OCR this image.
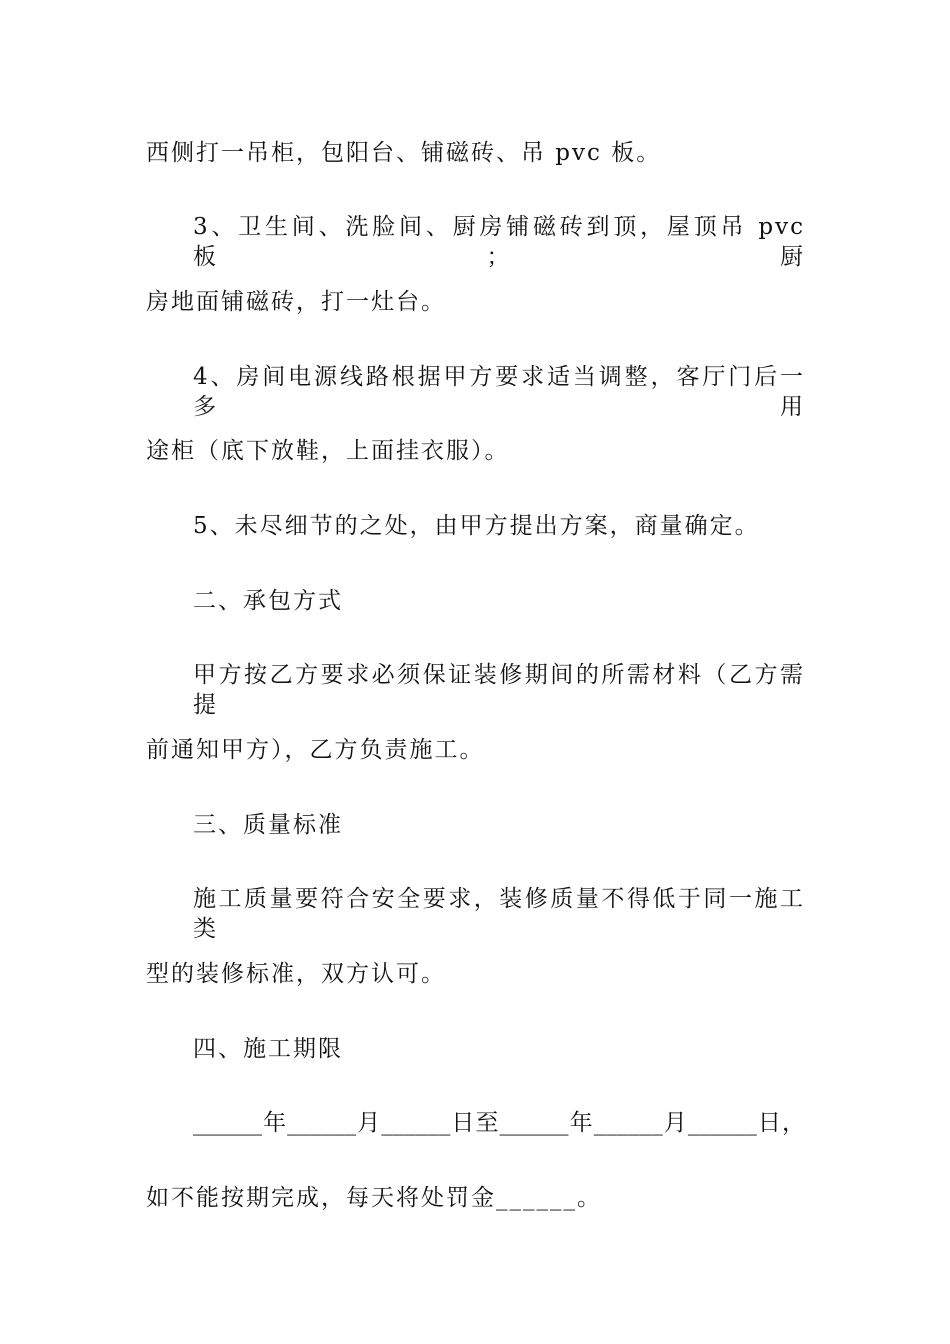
西侧打一吊柜，包阳台、铺磁砖、吊 pvc 板。
3、卫生间、洗脸间、厨房铺磁砖到顶，屋顶吊 pvc 板；厨
房地面铺磁砖，打一灶台。
4、房间电源线路根据甲方要求适当调整，客厅门后一多用
途柜（底下放鞋，上面挂衣服）。
5、未尽细节的之处，由甲方提出方案，商量确定。
二、承包方式
甲方按乙方要求必须保证装修期间的所需材料（乙方需提
前通知甲方），乙方负责施工。
三、质量标准
施工质量要符合安全要求，装修质量不得低于同一施工类
型的装修标准，双方认可。
四、施工期限
______年______月______日至______年______月______日，
如不能按期完成，每天将处罚金______。
